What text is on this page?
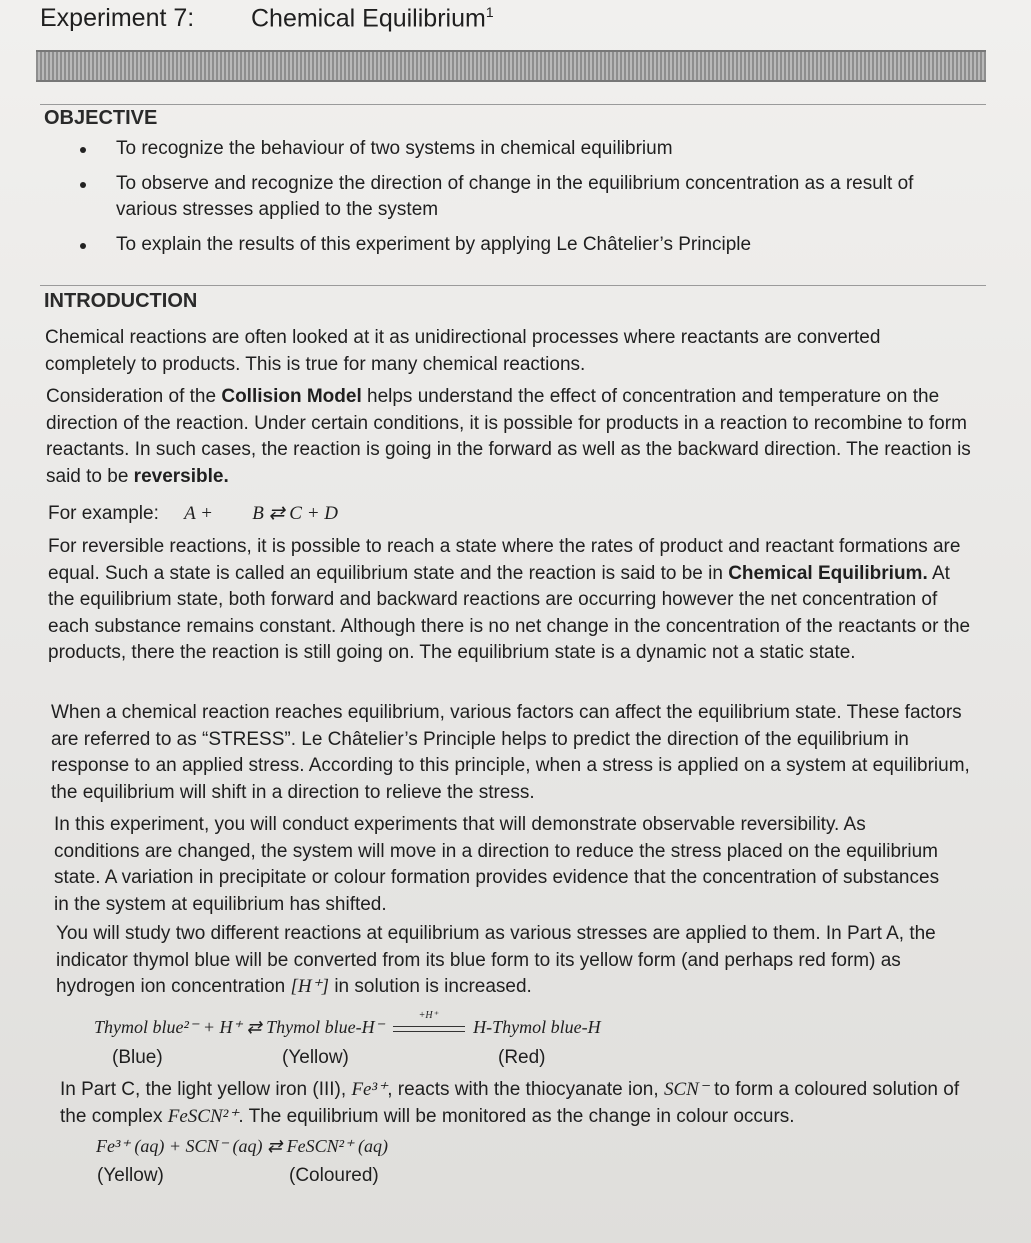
Experiment 7: Chemical Equilibrium$^1$
OBJECTIVE
To recognize the behaviour of two systems in chemical equilibrium
To observe and recognize the direction of change in the equilibrium concentration as a result of various stresses applied to the system
To explain the results of this experiment by applying Le Châtelier’s Principle
INTRODUCTION
Chemical reactions are often looked at it as unidirectional processes where reactants are converted completely to products. This is true for many chemical reactions.
Consideration of the Collision Model helps understand the effect of concentration and temperature on the direction of the reaction. Under certain conditions, it is possible for products in a reaction to recombine to form reactants. In such cases, the reaction is going in the forward as well as the backward direction. The reaction is said to be reversible.
For example: A + B ⇄ C + D
For reversible reactions, it is possible to reach a state where the rates of product and reactant formations are equal. Such a state is called an equilibrium state and the reaction is said to be in Chemical Equilibrium. At the equilibrium state, both forward and backward reactions are occurring however the net concentration of each substance remains constant. Although there is no net change in the concentration of the reactants or the products, there the reaction is still going on. The equilibrium state is a dynamic not a static state.
When a chemical reaction reaches equilibrium, various factors can affect the equilibrium state. These factors are referred to as “STRESS”. Le Châtelier’s Principle helps to predict the direction of the equilibrium in response to an applied stress. According to this principle, when a stress is applied on a system at equilibrium, the equilibrium will shift in a direction to relieve the stress.
In this experiment, you will conduct experiments that will demonstrate observable reversibility. As conditions are changed, the system will move in a direction to reduce the stress placed on the equilibrium state. A variation in precipitate or colour formation provides evidence that the concentration of substances in the system at equilibrium has shifted.
You will study two different reactions at equilibrium as various stresses are applied to them. In Part A, the indicator thymol blue will be converted from its blue form to its yellow form (and perhaps red form) as hydrogen ion concentration [H⁺] in solution is increased.
Thymol blue²⁻ + H⁺ ⇄ Thymol blue-H⁻
+H⁺
H-Thymol blue-H
(Blue)	(Yellow)	(Red)
In Part C, the light yellow iron (III), Fe³⁺, reacts with the thiocyanate ion, SCN⁻ to form a coloured solution of the complex FeSCN²⁺. The equilibrium will be monitored as the change in colour occurs.
Fe³⁺ (aq) + SCN⁻ (aq) ⇄ FeSCN²⁺ (aq)
(Yellow)	(Coloured)
